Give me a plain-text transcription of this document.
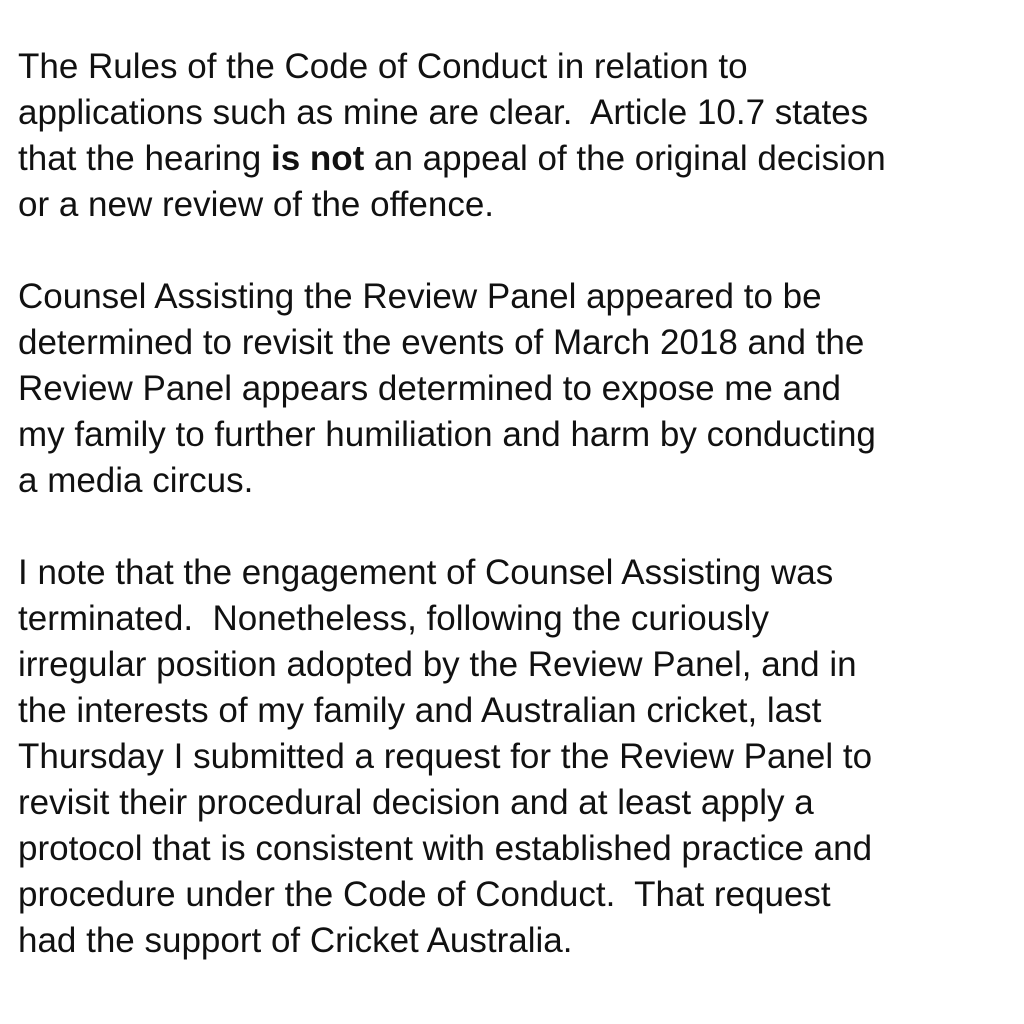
The Rules of the Code of Conduct in relation to
applications such as mine are clear.  Article 10.7 states
that the hearing is not an appeal of the original decision
or a new review of the offence.
Counsel Assisting the Review Panel appeared to be
determined to revisit the events of March 2018 and the
Review Panel appears determined to expose me and
my family to further humiliation and harm by conducting
a media circus.
I note that the engagement of Counsel Assisting was
terminated.  Nonetheless, following the curiously
irregular position adopted by the Review Panel, and in
the interests of my family and Australian cricket, last
Thursday I submitted a request for the Review Panel to
revisit their procedural decision and at least apply a
protocol that is consistent with established practice and
procedure under the Code of Conduct.  That request
had the support of Cricket Australia.
